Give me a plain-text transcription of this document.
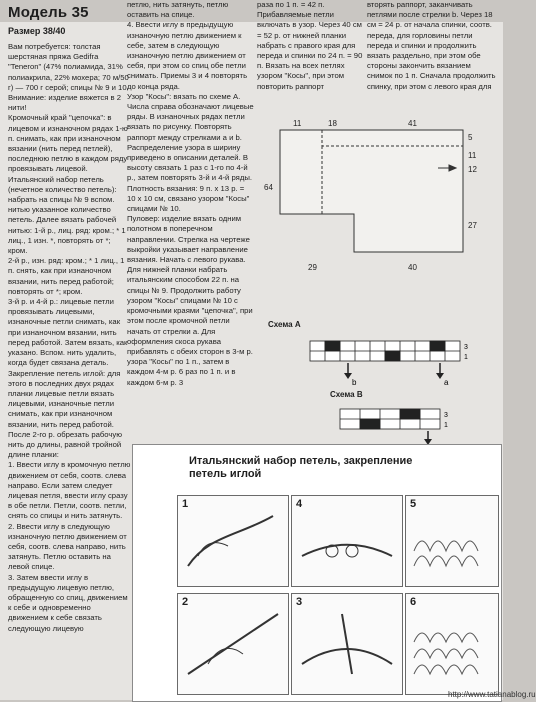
Модель 35
Размер 38/40
Вам потребуется: толстая шерстяная пряжа Gedifra "Teneron" (47% полиамида, 31% полиакрила, 22% мохера; 70 м/50 г) — 700 г серой; спицы № 9 и 10.
Внимание: изделие вяжется в 2 нити!
Кромочный край "цепочка": в лицевом и изнаночном рядах 1-ю п. снимать, как при изнаночном вязании (нить перед петлей), последнюю петлю в каждом ряду провязывать лицевой.
Итальянский набор петель (нечетное количество петель): набрать на спицы № 9 вспом. нитью указанное количество петель. Далее вязать рабочей нитью: 1-й р., лиц. ряд: кром.; * 1 лиц., 1 изн. *, повторять от *; кром.
2-й р., изн. ряд: кром.; * 1 лиц., 1 п. снять, как при изнаночном вязании, нить перед работой; повторять от *; кром.
3-й р. и 4-й р.: лицевые петли провязывать лицевыми, изнаночные петли снимать, как при изнаночном вязании, нить перед работой. Затем вязать, как указано. Вспом. нить удалить, когда будет связана деталь.
Закрепление петель иглой: для этого в последних двух рядах планки лицевые петли вязать лицевыми, изнаночные петли снимать, как при изнаночном вязании, нить перед работой.
После 2-го р. обрезать рабочую нить до длины, равной тройной длине планки:
1. Ввести иглу в кромочную петлю движением от себя, соотв. слева направо. Если затем следует лицевая петля, ввести иглу сразу в обе петли. Петли, соотв. петли, снять со спицы и нить затянуть.
2. Ввести иглу в следующую изнаночную петлю движением от себя, соотв. слева направо, нить затянуть. Петлю оставить на левой спице.
3. Затем ввести иглу в предыдущую лицевую петлю, обращенную со спиц, движением к себе и одновременно движением к себе связать следующую лицевую
петлю, нить затянуть, петлю оставить на спице.
4. Ввести иглу в предыдущую изнаночную петлю движением к себе, затем в следующую изнаночную петлю движением от себя, при этом со спиц обе петли снимать. Приемы 3 и 4 повторять до конца ряда.
Узор "Косы": вязать по схеме A. Числа справа обозначают лицевые ряды. В изнаночных рядах петли вязать по рисунку. Повторять раппорт между стрелками a и b. Распределение узора в ширину приведено в описании деталей. В высоту связать 1 раз с 1-го по 4-й р., затем повторять 3-й и 4-й ряды.
Плотность вязания: 9 п. x 13 р. = 10 x 10 см, связано узором "Косы" спицами № 10.
Пуловер: изделие вязать одним полотном в поперечном направлении. Стрелка на чертеже выкройки указывает направление вязания. Начать с левого рукава. Для нижней планки набрать итальянским способом 22 п. на спицы № 9. Продолжить работу узором "Косы" спицами № 10 с кромочными краями "цепочка", при этом после кромочной петли начать от стрелки a. Для оформления скоса рукава прибавлять с обеих сторон в 3-м р. узора "Косы" по 1 п., затем в каждом 4-м р. 6 раз по 1 п. и в каждом 6-м р. 3
раза по 1 п. = 42 п. Прибавляемые петли включать в узор. Через 40 см = 52 р. от нижней планки набрать с правого края для переда и спинки по 24 п. = 90 п. Вязать на всех петлях узором "Косы", при этом повторить раппорт
вторять раппорт, заканчивать петлями после стрелки b. Через 18 см = 24 р. от начала спинки, соотв. переда, для горловины петли переда и спинки и продолжить вязать раздельно, при этом обе стороны закончить вязанием снимок по 1 п. Сначала продолжить спинку, при этом с левого края для
11	18	41
64
29	40
27
5
11
12
Схема A
3
1
b	a
Схема B
3
1
Итальянский набор петель, закрепление петель иглой
1	4	5
2	3	6
http://www.tatianablog.ru
